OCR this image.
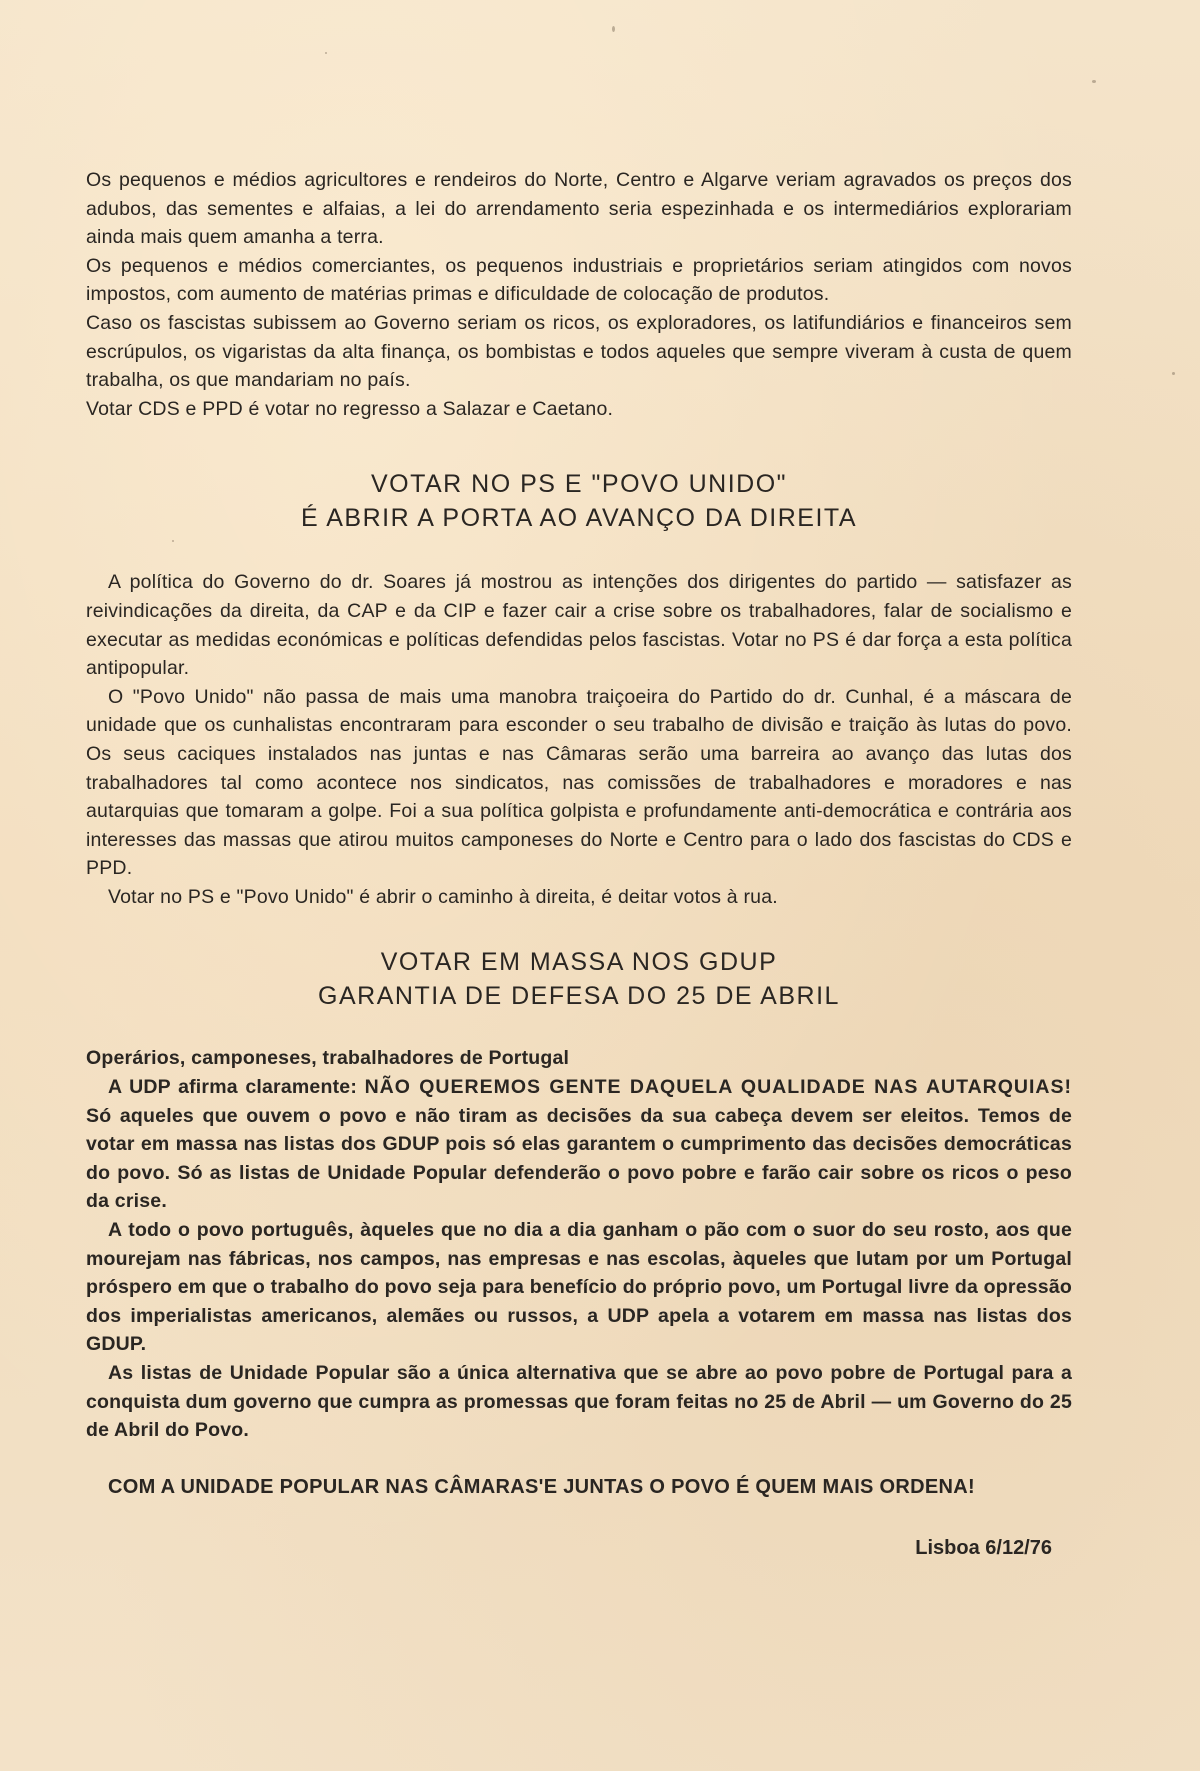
Os pequenos e médios agricultores e rendeiros do Norte, Centro e Algarve veriam agravados os preços dos adubos, das sementes e alfaias, a lei do arrendamento seria espezinhada e os intermediários explorariam ainda mais quem amanha a terra.

Os pequenos e médios comerciantes, os pequenos industriais e proprietários seriam atingidos com novos impostos, com aumento de matérias primas e dificuldade de colocação de produtos.

Caso os fascistas subissem ao Governo seriam os ricos, os exploradores, os latifundiários e financeiros sem escrúpulos, os vigaristas da alta finança, os bombistas e todos aqueles que sempre viveram à custa de quem trabalha, os que mandariam no país.

Votar CDS e PPD é votar no regresso a Salazar e Caetano.

VOTAR NO PS E "POVO UNIDO"
É ABRIR A PORTA AO AVANÇO DA DIREITA

A política do Governo do dr. Soares já mostrou as intenções dos dirigentes do partido — satisfazer as reivindicações da direita, da CAP e da CIP e fazer cair a crise sobre os trabalhadores, falar de socialismo e executar as medidas económicas e políticas defendidas pelos fascistas. Votar no PS é dar força a esta política antipopular.

O "Povo Unido" não passa de mais uma manobra traiçoeira do Partido do dr. Cunhal, é a máscara de unidade que os cunhalistas encontraram para esconder o seu trabalho de divisão e traição às lutas do povo. Os seus caciques instalados nas juntas e nas Câmaras serão uma barreira ao avanço das lutas dos trabalhadores tal como acontece nos sindicatos, nas comissões de trabalhadores e moradores e nas autarquias que tomaram a golpe. Foi a sua política golpista e profundamente anti-democrática e contrária aos interesses das massas que atirou muitos camponeses do Norte e Centro para o lado dos fascistas do CDS e PPD.

Votar no PS e "Povo Unido" é abrir o caminho à direita, é deitar votos à rua.

VOTAR EM MASSA NOS GDUP
GARANTIA DE DEFESA DO 25 DE ABRIL

Operários, camponeses, trabalhadores de Portugal

A UDP afirma claramente: NÃO QUEREMOS GENTE DAQUELA QUALIDADE NAS AUTARQUIAS! Só aqueles que ouvem o povo e não tiram as decisões da sua cabeça devem ser eleitos. Temos de votar em massa nas listas dos GDUP pois só elas garantem o cumprimento das decisões democráticas do povo. Só as listas de Unidade Popular defenderão o povo pobre e farão cair sobre os ricos o peso da crise.

A todo o povo português, àqueles que no dia a dia ganham o pão com o suor do seu rosto, aos que mourejam nas fábricas, nos campos, nas empresas e nas escolas, àqueles que lutam por um Portugal próspero em que o trabalho do povo seja para benefício do próprio povo, um Portugal livre da opressão dos imperialistas americanos, alemães ou russos, a UDP apela a votarem em massa nas listas dos GDUP.

As listas de Unidade Popular são a única alternativa que se abre ao povo pobre de Portugal para a conquista dum governo que cumpra as promessas que foram feitas no 25 de Abril — um Governo do 25 de Abril do Povo.

COM A UNIDADE POPULAR NAS CÂMARAS'E JUNTAS O POVO É QUEM MAIS ORDENA!

Lisboa 6/12/76
